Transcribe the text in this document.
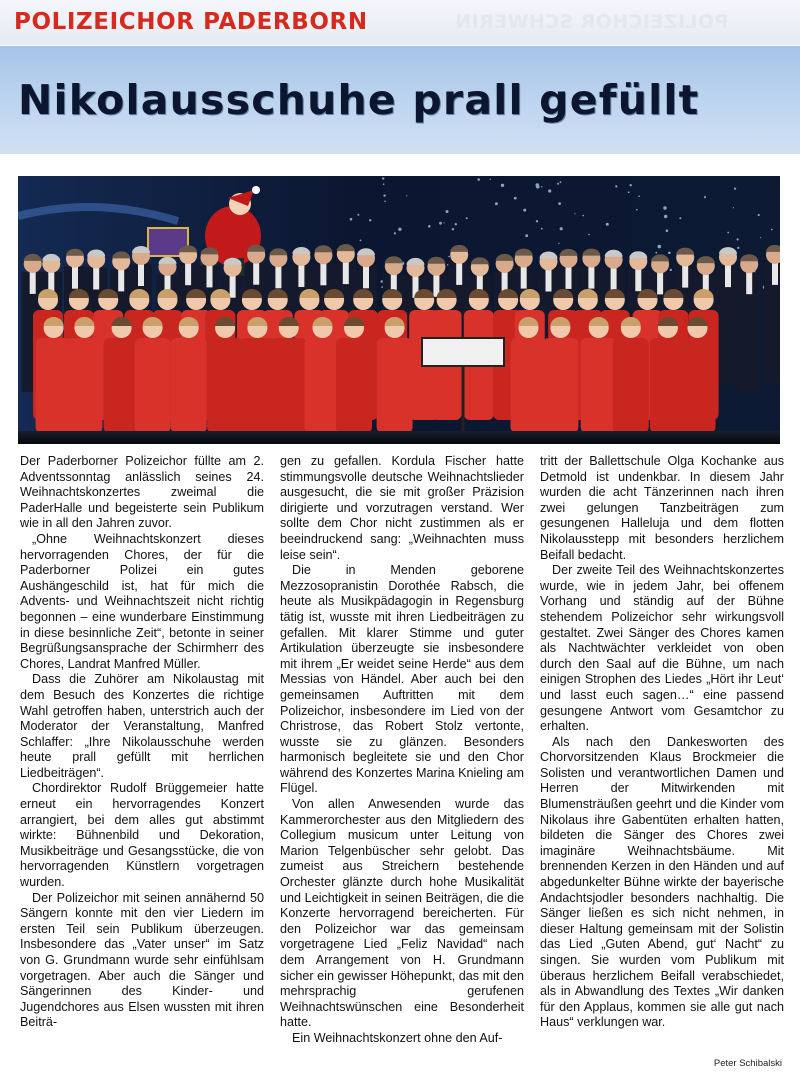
POLIZEICHOR SCHWERIN
POLIZEICHOR PADERBORN
Nikolausschuhe prall gefüllt

Der Paderborner Polizeichor füllte am 2. Adventssonntag anlässlich seines 24. Weihnachtskonzertes zweimal die PaderHalle und begeisterte sein Publikum wie in all den Jahren zuvor.

„Ohne Weihnachtskonzert dieses hervorragenden Chores, der für die Paderborner Polizei ein gutes Aushängeschild ist, hat für mich die Advents- und Weihnachtszeit nicht richtig begonnen – eine wunderbare Einstimmung in diese besinnliche Zeit“, betonte in seiner Begrüßungsansprache der Schirmherr des Chores, Landrat Manfred Müller.

Dass die Zuhörer am Nikolaustag mit dem Besuch des Konzertes die richtige Wahl getroffen haben, unterstrich auch der Moderator der Veranstaltung, Manfred Schlaffer: „Ihre Nikolausschuhe werden heute prall gefüllt mit herrlichen Liedbeiträgen“.

Chordirektor Rudolf Brüggemeier hatte erneut ein hervorragendes Konzert arrangiert, bei dem alles gut abstimmt wirkte: Bühnenbild und Dekoration, Musikbeiträge und Gesangsstücke, die von hervorragenden Künstlern vorgetragen wurden.

Der Polizeichor mit seinen annähernd 50 Sängern konnte mit den vier Liedern im ersten Teil sein Publikum überzeugen. Insbesondere das „Vater unser“ im Satz von G. Grundmann wurde sehr einfühlsam vorgetragen. Aber auch die Sänger und Sängerinnen des Kinder- und Jugendchores aus Elsen wussten mit ihren Beiträ-

gen zu gefallen. Kordula Fischer hatte stimmungsvolle deutsche Weihnachtslieder ausgesucht, die sie mit großer Präzision dirigierte und vorzutragen verstand. Wer sollte dem Chor nicht zustimmen als er beeindruckend sang: „Weihnachten muss leise sein“.

Die in Menden geborene Mezzosopranistin Dorothée Rabsch, die heute als Musikpädagogin in Regensburg tätig ist, wusste mit ihren Liedbeiträgen zu gefallen. Mit klarer Stimme und guter Artikulation überzeugte sie insbesondere mit ihrem „Er weidet seine Herde“ aus dem Messias von Händel. Aber auch bei den gemeinsamen Auftritten mit dem Polizeichor, insbesondere im Lied von der Christrose, das Robert Stolz vertonte, wusste sie zu glänzen. Besonders harmonisch begleitete sie und den Chor während des Konzertes Marina Knieling am Flügel.

Von allen Anwesenden wurde das Kammerorchester aus den Mitgliedern des Collegium musicum unter Leitung von Marion Telgenbüscher sehr gelobt. Das zumeist aus Streichern bestehende Orchester glänzte durch hohe Musikalität und Leichtigkeit in seinen Beiträgen, die die Konzerte hervorragend bereicherten. Für den Polizeichor war das gemeinsam vorgetragene Lied „Feliz Navidad“ nach dem Arrangement von H. Grundmann sicher ein gewisser Höhepunkt, das mit den mehrsprachig gerufenen Weihnachtswünschen eine Besonderheit hatte.

Ein Weihnachtskonzert ohne den Auf-

tritt der Ballettschule Olga Kochanke aus Detmold ist undenkbar. In diesem Jahr wurden die acht Tänzerinnen nach ihren zwei gelungen Tanzbeiträgen zum gesungenen Halleluja und dem flotten Nikolausstepp mit besonders herzlichem Beifall bedacht.

Der zweite Teil des Weihnachtskonzertes wurde, wie in jedem Jahr, bei offenem Vorhang und ständig auf der Bühne stehendem Polizeichor sehr wirkungsvoll gestaltet. Zwei Sänger des Chores kamen als Nachtwächter verkleidet von oben durch den Saal auf die Bühne, um nach einigen Strophen des Liedes „Hört ihr Leut‘ und lasst euch sagen…“ eine passend gesungene Antwort vom Gesamtchor zu erhalten.

Als nach den Dankesworten des Chorvorsitzenden Klaus Brockmeier die Solisten und verantwortlichen Damen und Herren der Mitwirkenden mit Blumensträußen geehrt und die Kinder vom Nikolaus ihre Gabentüten erhalten hatten, bildeten die Sänger des Chores zwei imaginäre Weihnachtsbäume. Mit brennenden Kerzen in den Händen und auf abgedunkelter Bühne wirkte der bayerische Andachtsjodler besonders nachhaltig. Die Sänger ließen es sich nicht nehmen, in dieser Haltung gemeinsam mit der Solistin das Lied „Guten Abend, gut‘ Nacht“ zu singen. Sie wurden vom Publikum mit überaus herzlichem Beifall verabschiedet, als in Abwandlung des Textes „Wir danken für den Applaus, kommen sie alle gut nach Haus“ verklungen war.

Peter Schibalski
